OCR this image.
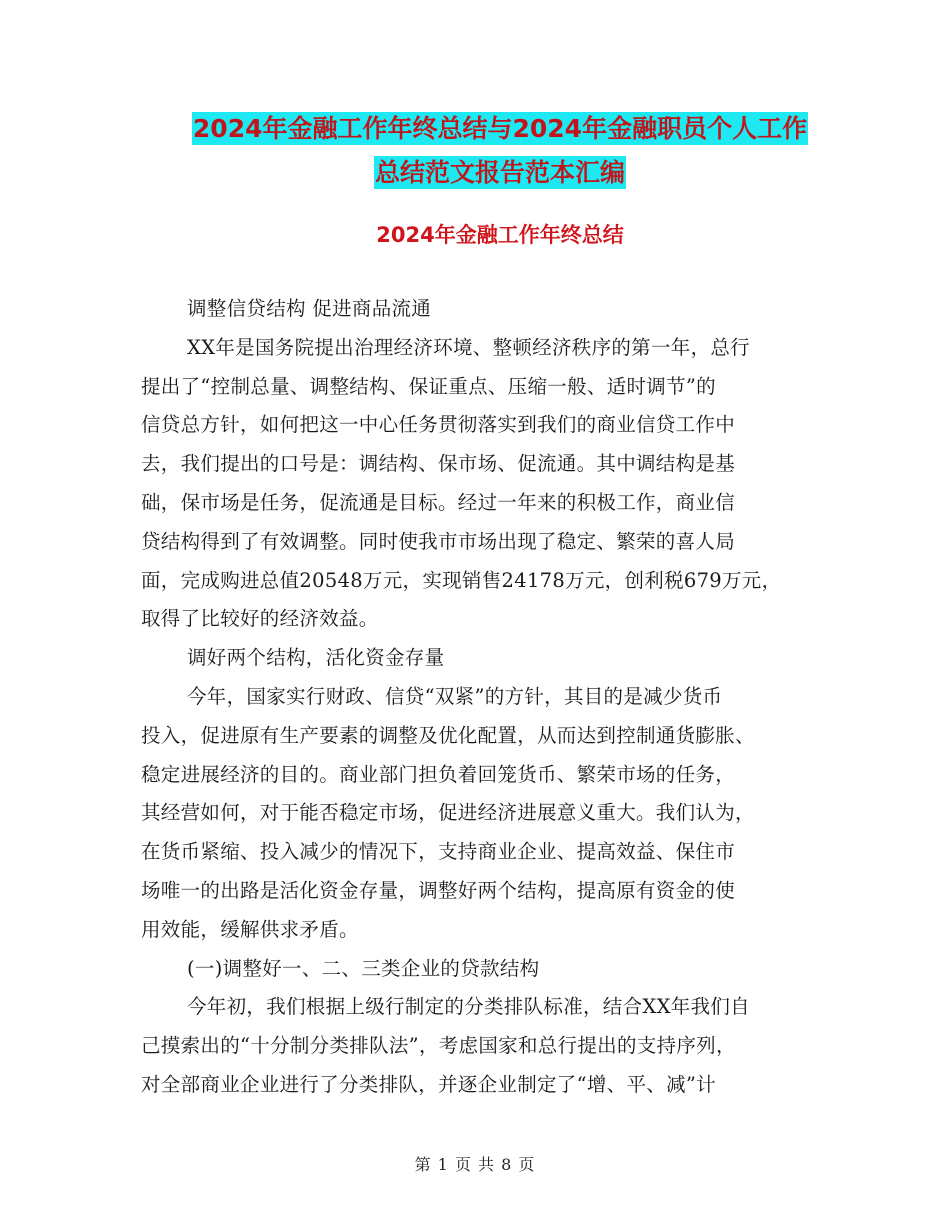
2024年金融工作年终总结与2024年金融职员个人工作
总结范文报告范本汇编
2024年金融工作年终总结
调整信贷结构 促进商品流通
XX年是国务院提出治理经济环境、整顿经济秩序的第一年，总行
提出了“控制总量、调整结构、保证重点、压缩一般、适时调节”的
信贷总方针，如何把这一中心任务贯彻落实到我们的商业信贷工作中
去，我们提出的口号是：调结构、保市场、促流通。其中调结构是基
础，保市场是任务，促流通是目标。经过一年来的积极工作，商业信
贷结构得到了有效调整。同时使我市市场出现了稳定、繁荣的喜人局
面，完成购进总值20548万元，实现销售24178万元，创利税679万元，
取得了比较好的经济效益。
调好两个结构，活化资金存量
今年，国家实行财政、信贷“双紧”的方针，其目的是减少货币
投入，促进原有生产要素的调整及优化配置，从而达到控制通货膨胀、
稳定进展经济的目的。商业部门担负着回笼货币、繁荣市场的任务，
其经营如何，对于能否稳定市场，促进经济进展意义重大。我们认为，
在货币紧缩、投入减少的情况下，支持商业企业、提高效益、保住市
场唯一的出路是活化资金存量，调整好两个结构，提高原有资金的使
用效能，缓解供求矛盾。
(一)调整好一、二、三类企业的贷款结构
今年初，我们根据上级行制定的分类排队标准，结合XX年我们自
己摸索出的“十分制分类排队法”，考虑国家和总行提出的支持序列，
对全部商业企业进行了分类排队，并逐企业制定了“增、平、减”计
第 1 页 共 8 页
